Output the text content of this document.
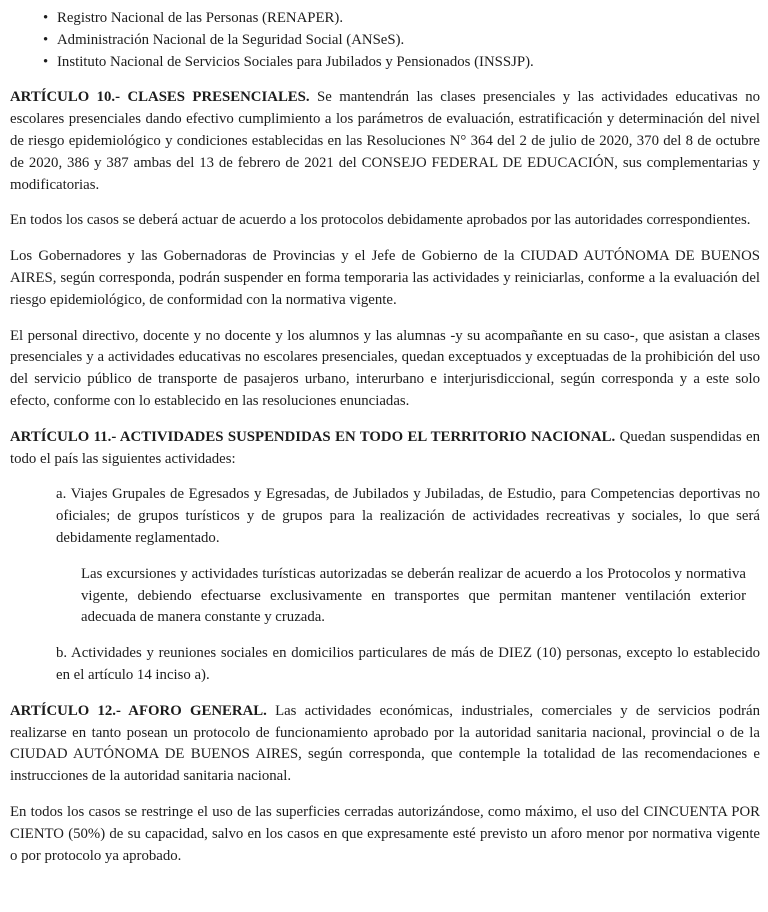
• Registro Nacional de las Personas (RENAPER).
• Administración Nacional de la Seguridad Social (ANSeS).
• Instituto Nacional de Servicios Sociales para Jubilados y Pensionados (INSSJP).

ARTÍCULO 10.- CLASES PRESENCIALES. Se mantendrán las clases presenciales y las actividades educativas no escolares presenciales dando efectivo cumplimiento a los parámetros de evaluación, estratificación y determinación del nivel de riesgo epidemiológico y condiciones establecidas en las Resoluciones N° 364 del 2 de julio de 2020, 370 del 8 de octubre de 2020, 386 y 387 ambas del 13 de febrero de 2021 del CONSEJO FEDERAL DE EDUCACIÓN, sus complementarias y modificatorias.

En todos los casos se deberá actuar de acuerdo a los protocolos debidamente aprobados por las autoridades correspondientes.

Los Gobernadores y las Gobernadoras de Provincias y el Jefe de Gobierno de la CIUDAD AUTÓNOMA DE BUENOS AIRES, según corresponda, podrán suspender en forma temporaria las actividades y reiniciarlas, conforme a la evaluación del riesgo epidemiológico, de conformidad con la normativa vigente.

El personal directivo, docente y no docente y los alumnos y las alumnas -y su acompañante en su caso-, que asistan a clases presenciales y a actividades educativas no escolares presenciales, quedan exceptuados y exceptuadas de la prohibición del uso del servicio público de transporte de pasajeros urbano, interurbano e interjurisdiccional, según corresponda y a este solo efecto, conforme con lo establecido en las resoluciones enunciadas.

ARTÍCULO 11.- ACTIVIDADES SUSPENDIDAS EN TODO EL TERRITORIO NACIONAL. Quedan suspendidas en todo el país las siguientes actividades:

a. Viajes Grupales de Egresados y Egresadas, de Jubilados y Jubiladas, de Estudio, para Competencias deportivas no oficiales; de grupos turísticos y de grupos para la realización de actividades recreativas y sociales, lo que será debidamente reglamentado.

Las excursiones y actividades turísticas autorizadas se deberán realizar de acuerdo a los Protocolos y normativa vigente, debiendo efectuarse exclusivamente en transportes que permitan mantener ventilación exterior adecuada de manera constante y cruzada.

b. Actividades y reuniones sociales en domicilios particulares de más de DIEZ (10) personas, excepto lo establecido en el artículo 14 inciso a).

ARTÍCULO 12.- AFORO GENERAL. Las actividades económicas, industriales, comerciales y de servicios podrán realizarse en tanto posean un protocolo de funcionamiento aprobado por la autoridad sanitaria nacional, provincial o de la CIUDAD AUTÓNOMA DE BUENOS AIRES, según corresponda, que contemple la totalidad de las recomendaciones e instrucciones de la autoridad sanitaria nacional.

En todos los casos se restringe el uso de las superficies cerradas autorizándose, como máximo, el uso del CINCUENTA POR CIENTO (50%) de su capacidad, salvo en los casos en que expresamente esté previsto un aforo menor por normativa vigente o por protocolo ya aprobado.
